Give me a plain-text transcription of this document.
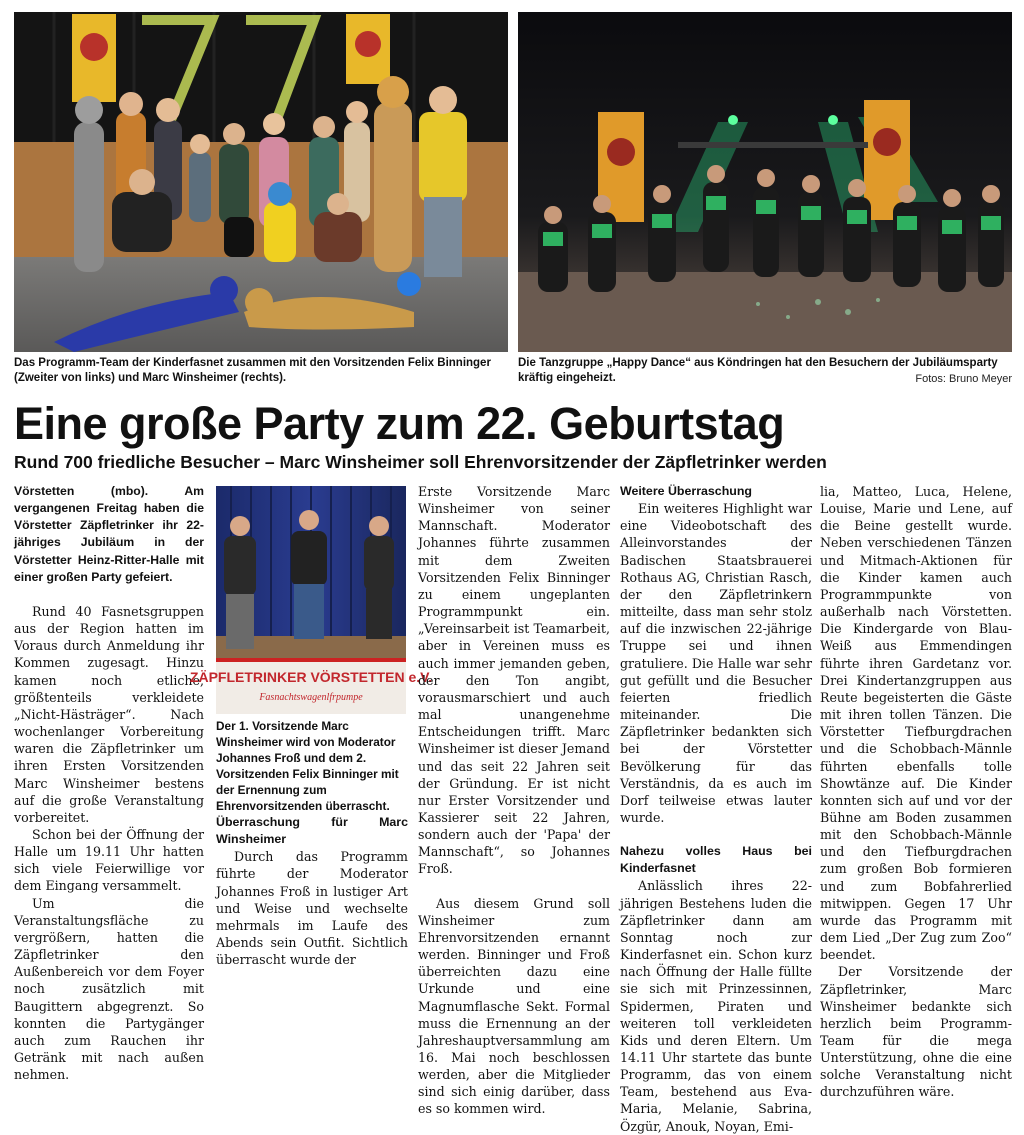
Das Programm-Team der Kinderfasnet zusammen mit den Vorsitzenden Felix Binninger (Zweiter von links) und Marc Winsheimer (rechts).
Die Tanzgruppe „Happy Dance“ aus Köndringen hat den Besuchern der Jubiläumsparty kräftig eingeheizt.	Fotos: Bruno Meyer
Eine große Party zum 22. Geburtstag
Rund 700 friedliche Besucher – Marc Winsheimer soll Ehrenvorsitzender der Zäpfletrinker werden

Vörstetten (mbo). Am vergangenen Freitag haben die Vörstetter Zäpfletrinker ihr 22-jähriges Jubiläum in der Vörstetter Heinz-Ritter-Halle mit einer großen Party gefeiert.

Rund 40 Fasnetsgruppen aus der Region hatten im Voraus durch Anmeldung ihr Kommen zugesagt. Hinzu kamen noch etliche, größtenteils verkleidete „Nicht-Hästräger“. Nach wochenlanger Vorbereitung waren die Zäpfletrinker um ihren Ersten Vorsitzenden Marc Winsheimer bestens auf die große Veranstaltung vorbereitet.

Schon bei der Öffnung der Halle um 19.11 Uhr hatten sich viele Feierwillige vor dem Eingang versammelt.

Um die Veranstaltungsfläche zu vergrößern, hatten die Zäpfletrinker den Außenbereich vor dem Foyer noch zusätzlich mit Baugittern abgegrenzt. So konnten die Partygänger auch zum Rauchen ihr Getränk mit nach außen nehmen.

ZÄPFLETRINKER VÖRSTETTEN e.V.
Fasnachtswagenlfrpumpe
Der 1. Vorsitzende Marc Winsheimer wird von Moderator Johannes Froß und dem 2. Vorsitzenden Felix Binninger mit der Ernennung zum Ehrenvorsitzenden überrascht.
Überraschung für Marc Winsheimer

Durch das Programm führte der Moderator Johannes Froß in lustiger Art und Weise und wechselte mehrmals im Laufe des Abends sein Outfit. Sichtlich überrascht wurde der

Erste Vorsitzende Marc Winsheimer von seiner Mannschaft. Moderator Johannes führte zusammen mit dem Zweiten Vorsitzenden Felix Binninger zu einem ungeplanten Programmpunkt ein. „Vereinsarbeit ist Teamarbeit, aber in Vereinen muss es auch immer jemanden geben, der den Ton angibt, vorausmarschiert und auch mal unangenehme Entscheidungen trifft. Marc Winsheimer ist dieser Jemand und das seit 22 Jahren seit der Gründung. Er ist nicht nur Erster Vorsitzender und Kassierer seit 22 Jahren, sondern auch der 'Papa' der Mannschaft“, so Johannes Froß.

Aus diesem Grund soll Winsheimer zum Ehrenvorsitzenden ernannt werden. Binninger und Froß überreichten dazu eine Urkunde und eine Magnumflasche Sekt. Formal muss die Ernennung an der Jahreshauptversammlung am 16. Mai noch beschlossen werden, aber die Mitglieder sind sich einig darüber, dass es so kommen wird.

Weitere Überraschung

Ein weiteres Highlight war eine Videobotschaft des Alleinvorstandes der Badischen Staatsbrauerei Rothaus AG, Christian Rasch, der den Zäpfletrinkern mitteilte, dass man sehr stolz auf die inzwischen 22-jährige Truppe sei und ihnen gratuliere. Die Halle war sehr gut gefüllt und die Besucher feierten friedlich miteinander. Die Zäpfletrinker bedankten sich bei der Vörstetter Bevölkerung für das Verständnis, da es auch im Dorf teilweise etwas lauter wurde.

Nahezu volles Haus bei Kinderfasnet

Anlässlich ihres 22-jährigen Bestehens luden die Zäpfletrinker dann am Sonntag noch zur Kinderfasnet ein. Schon kurz nach Öffnung der Halle füllte sie sich mit Prinzessinnen, Spidermen, Piraten und weiteren toll verkleideten Kids und deren Eltern. Um 14.11 Uhr startete das bunte Programm, das von einem Team, bestehend aus Eva-Maria, Melanie, Sabrina, Özgür, Anouk, Noyan, Emi-

lia, Matteo, Luca, Helene, Louise, Marie und Lene, auf die Beine gestellt wurde. Neben verschiedenen Tänzen und Mitmach-Aktionen für die Kinder kamen auch Programmpunkte von außerhalb nach Vörstetten. Die Kindergarde von Blau-Weiß aus Emmendingen führte ihren Gardetanz vor. Drei Kindertanzgruppen aus Reute begeisterten die Gäste mit ihren tollen Tänzen. Die Vörstetter Tiefburgdrachen und die Schobbach-Männle führten ebenfalls tolle Showtänze auf. Die Kinder konnten sich auf und vor der Bühne am Boden zusammen mit den Schobbach-Männle und den Tiefburgdrachen zum großen Bob formieren und zum Bobfahrerlied mitwippen. Gegen 17 Uhr wurde das Programm mit dem Lied „Der Zug zum Zoo“ beendet.

Der Vorsitzende der Zäpfletrinker, Marc Winsheimer bedankte sich herzlich beim Programm-Team für die mega Unterstützung, ohne die eine solche Veranstaltung nicht durchzuführen wäre.
